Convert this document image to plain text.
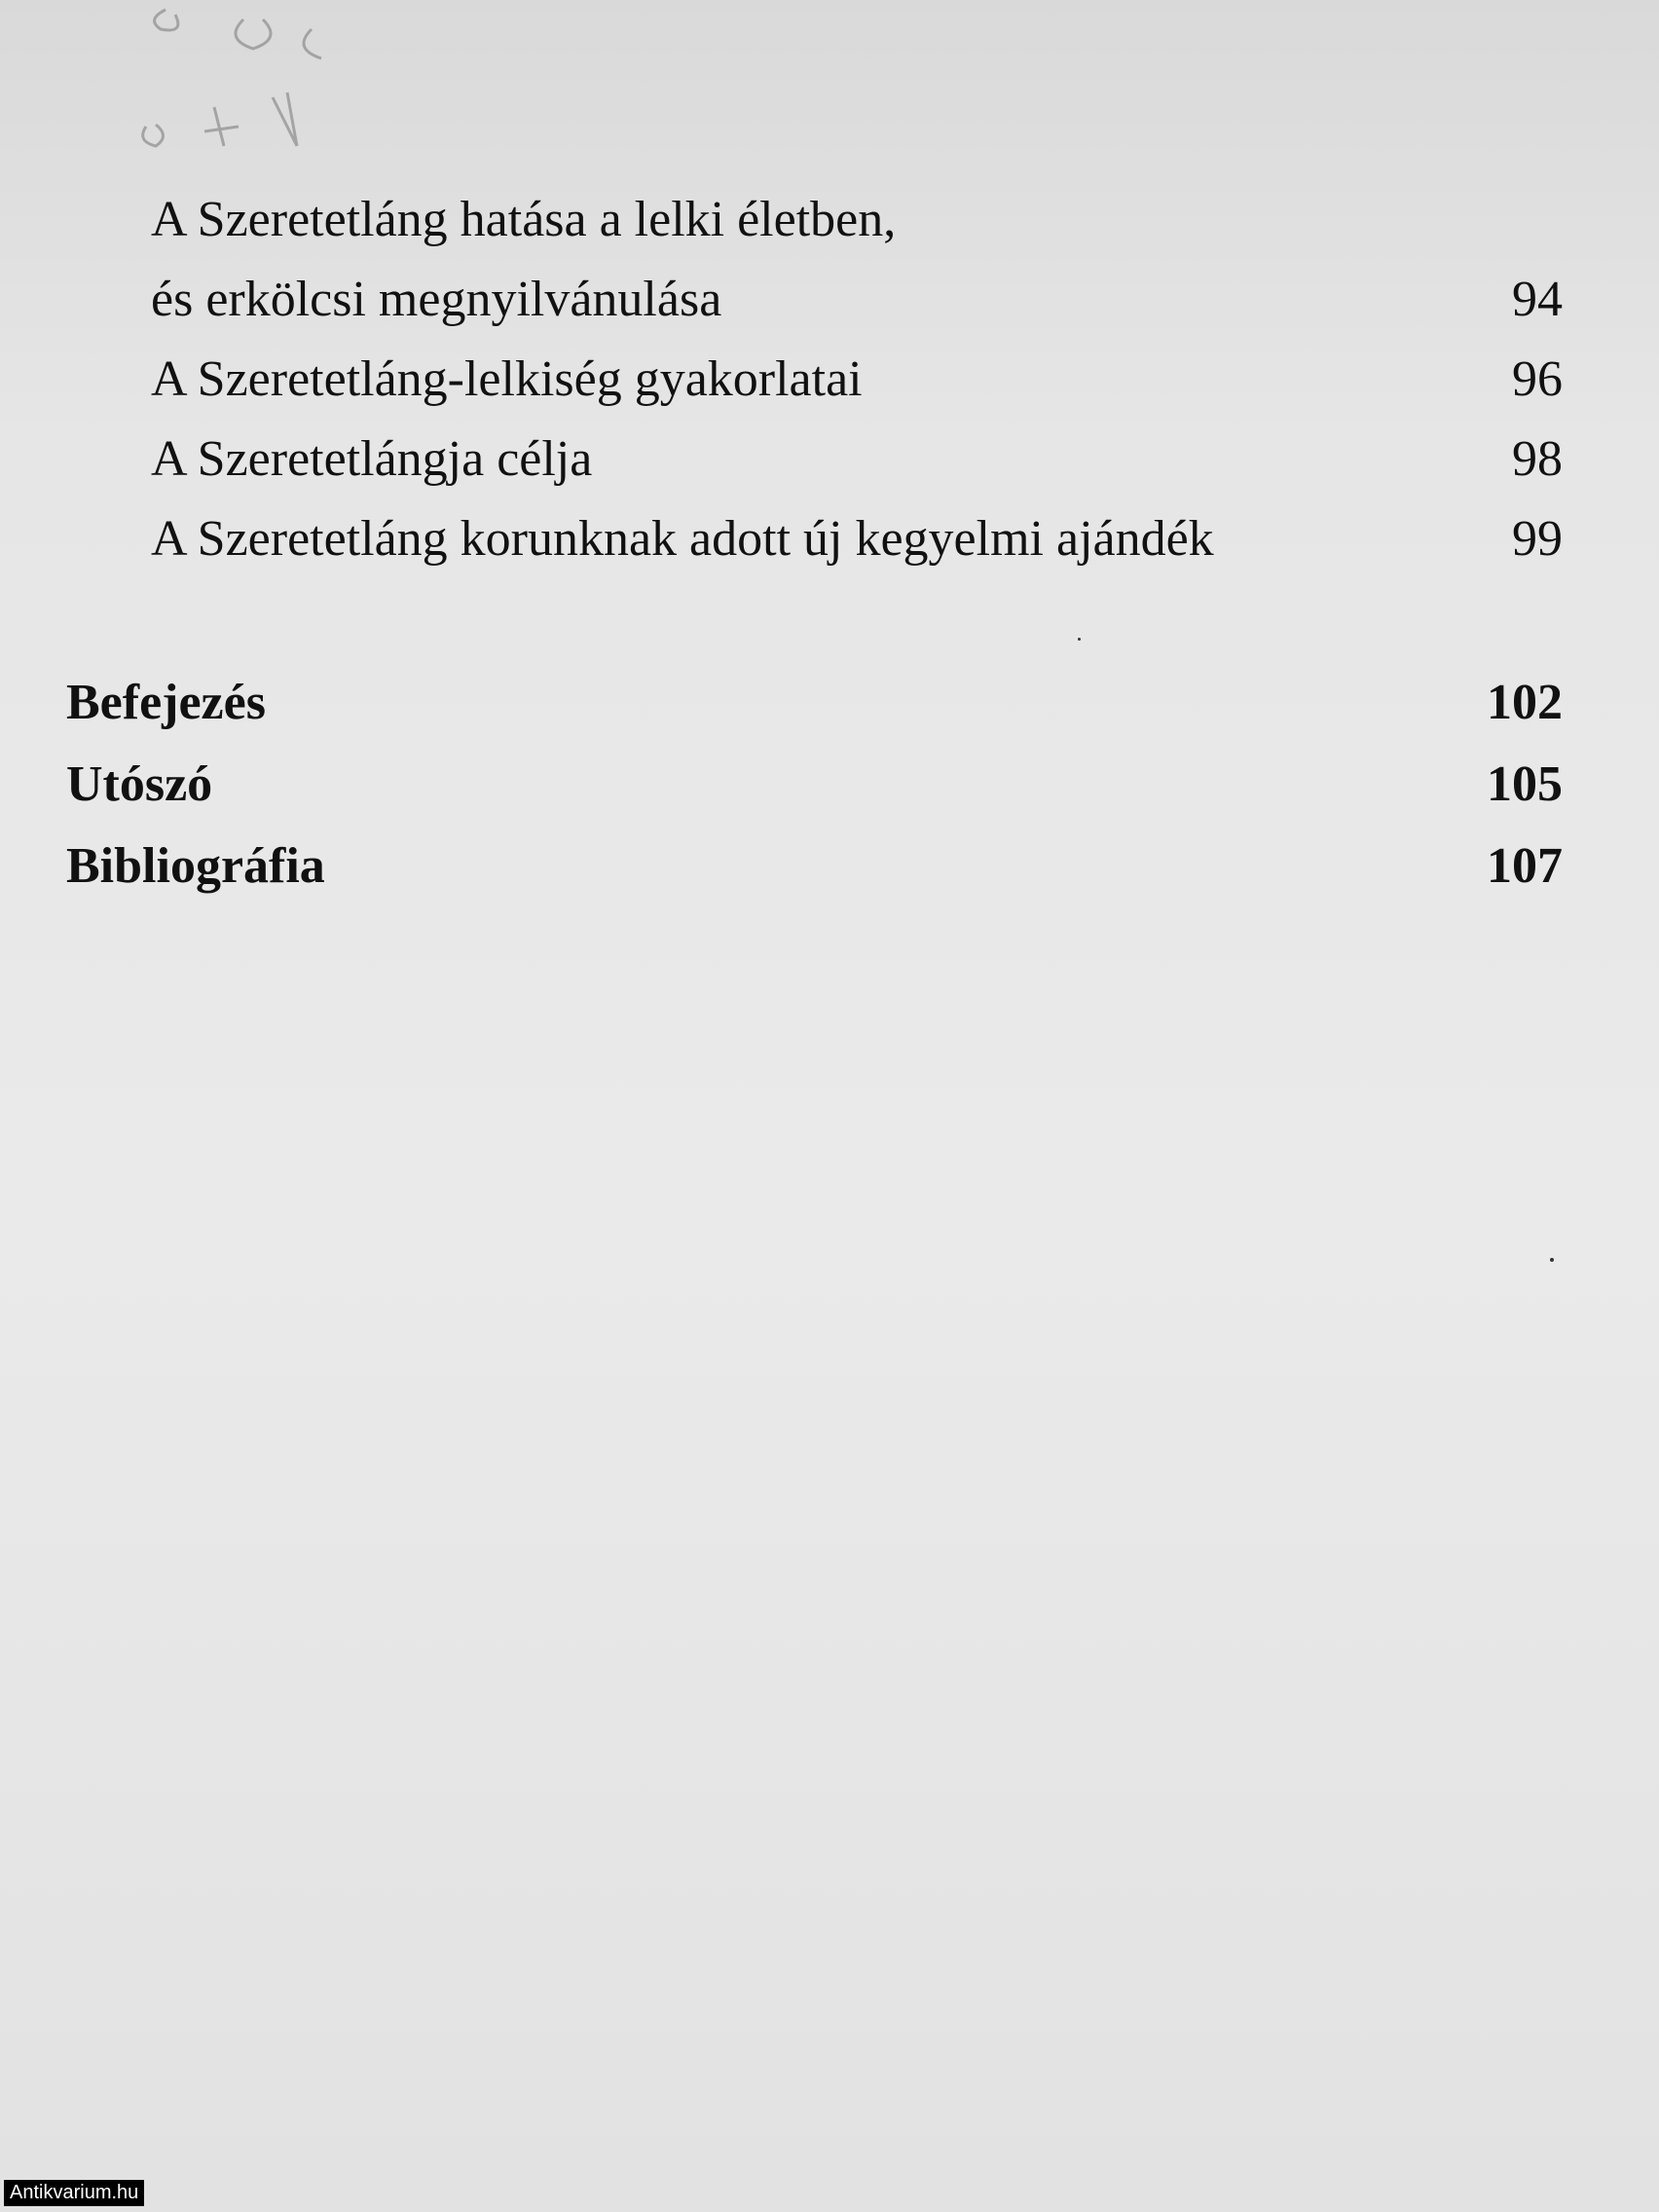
A Szeretetláng hatása a lelki életben,
és erkölcsi megnyilvánulása	94
A Szeretetláng-lelkiség gyakorlatai	96
A Szeretetlángja célja	98
A Szeretetláng korunknak adott új kegyelmi ajándék	99
Befejezés	102
Utószó	105
Bibliográfia	107
Antikvarium.hu
